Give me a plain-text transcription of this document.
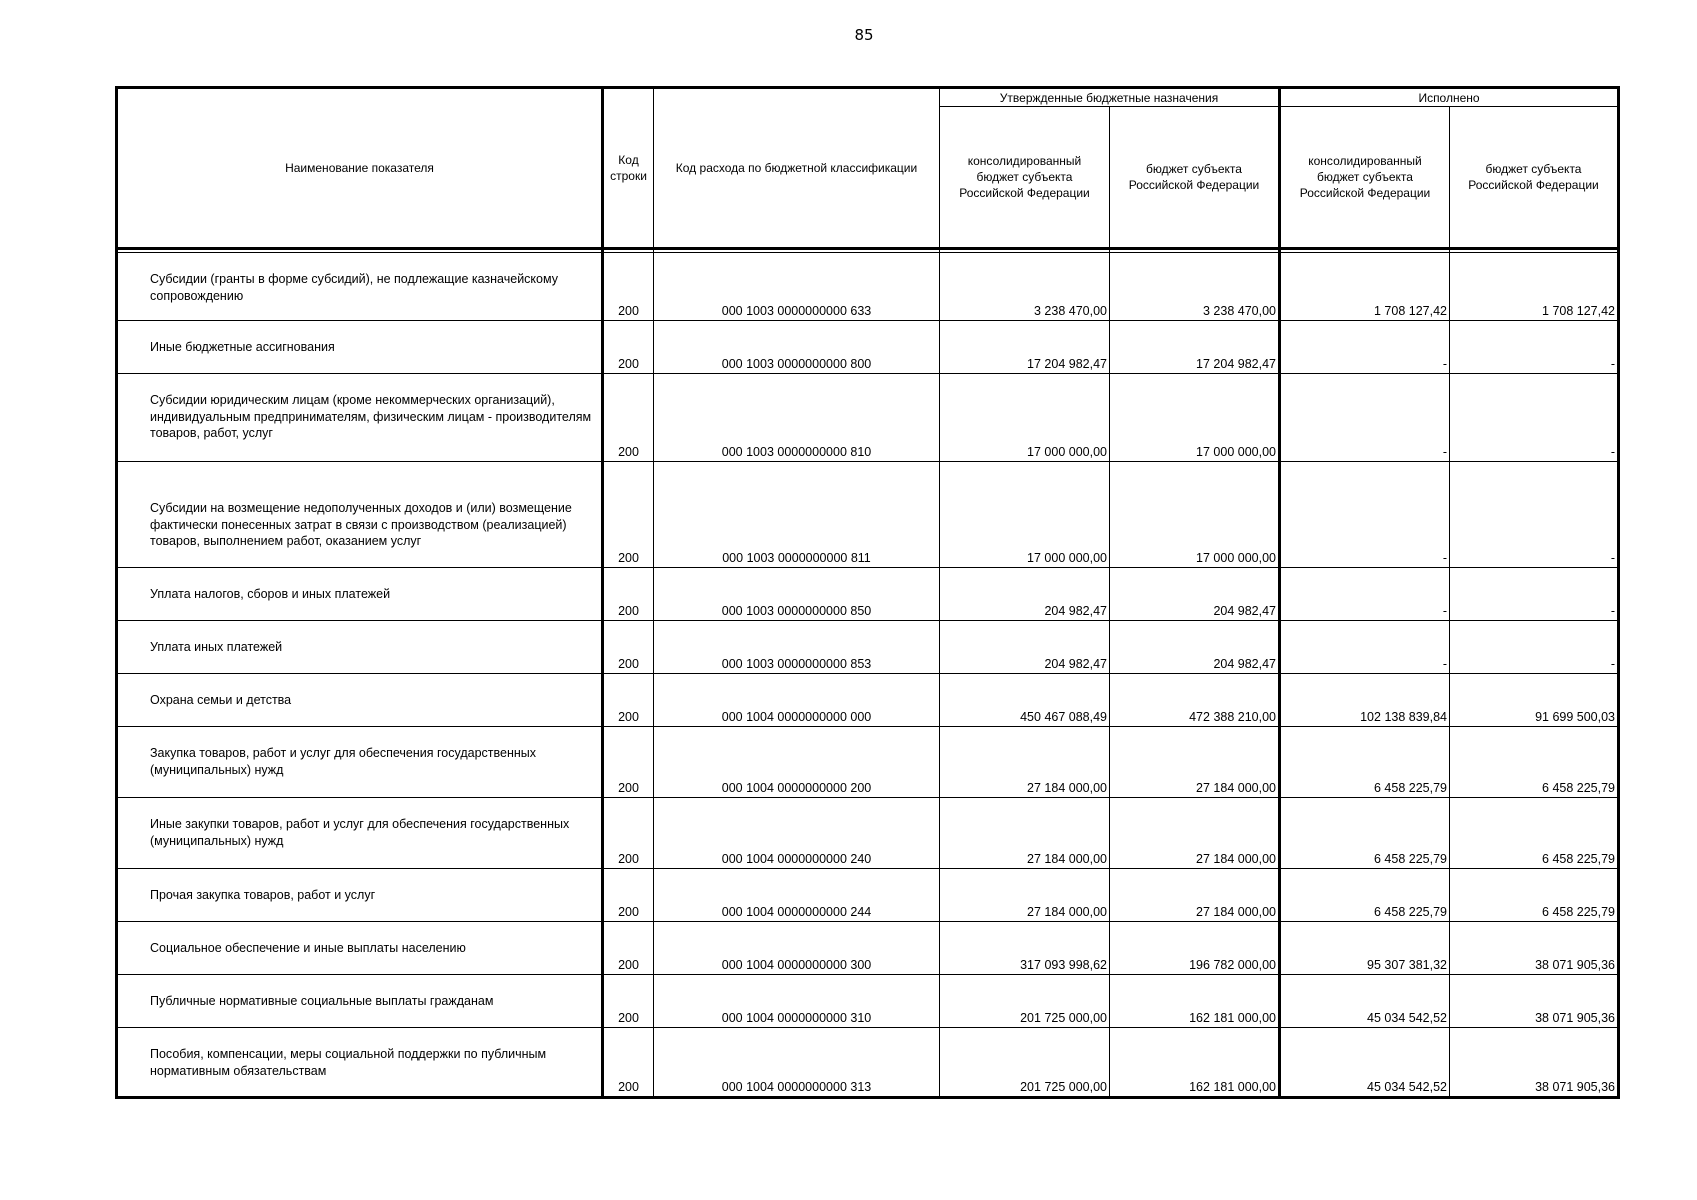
85
Наименование показателя	Код строки	Код расхода по бюджетной классификации	Утвержденные бюджетные назначения		Исполнено	
			консолидированный бюджет субъекта Российской Федерации	бюджет субъекта Российской Федерации	консолидированный бюджет субъекта Российской Федерации	бюджет субъекта Российской Федерации

Субсидии (гранты в форме субсидий), не подлежащие казначейскому сопровождению	200	000 1003 0000000000 633	3 238 470,00	3 238 470,00	1 708 127,42	1 708 127,42
Иные бюджетные ассигнования	200	000 1003 0000000000 800	17 204 982,47	17 204 982,47	-	-
Субсидии юридическим лицам (кроме некоммерческих организаций), индивидуальным предпринимателям, физическим лицам - производителям товаров, работ, услуг	200	000 1003 0000000000 810	17 000 000,00	17 000 000,00	-	-
Субсидии на возмещение недополученных доходов и (или) возмещение фактически понесенных затрат в связи с производством (реализацией) товаров, выполнением работ, оказанием услуг	200	000 1003 0000000000 811	17 000 000,00	17 000 000,00	-	-
Уплата налогов, сборов и иных платежей	200	000 1003 0000000000 850	204 982,47	204 982,47	-	-
Уплата иных платежей	200	000 1003 0000000000 853	204 982,47	204 982,47	-	-
Охрана семьи и детства	200	000 1004 0000000000 000	450 467 088,49	472 388 210,00	102 138 839,84	91 699 500,03
Закупка товаров, работ и услуг для обеспечения государственных (муниципальных) нужд	200	000 1004 0000000000 200	27 184 000,00	27 184 000,00	6 458 225,79	6 458 225,79
Иные закупки товаров, работ и услуг для обеспечения государственных (муниципальных) нужд	200	000 1004 0000000000 240	27 184 000,00	27 184 000,00	6 458 225,79	6 458 225,79
Прочая закупка товаров, работ и услуг	200	000 1004 0000000000 244	27 184 000,00	27 184 000,00	6 458 225,79	6 458 225,79
Социальное обеспечение и иные выплаты населению	200	000 1004 0000000000 300	317 093 998,62	196 782 000,00	95 307 381,32	38 071 905,36
Публичные нормативные социальные выплаты гражданам	200	000 1004 0000000000 310	201 725 000,00	162 181 000,00	45 034 542,52	38 071 905,36
Пособия, компенсации, меры социальной поддержки по публичным нормативным обязательствам	200	000 1004 0000000000 313	201 725 000,00	162 181 000,00	45 034 542,52	38 071 905,36
